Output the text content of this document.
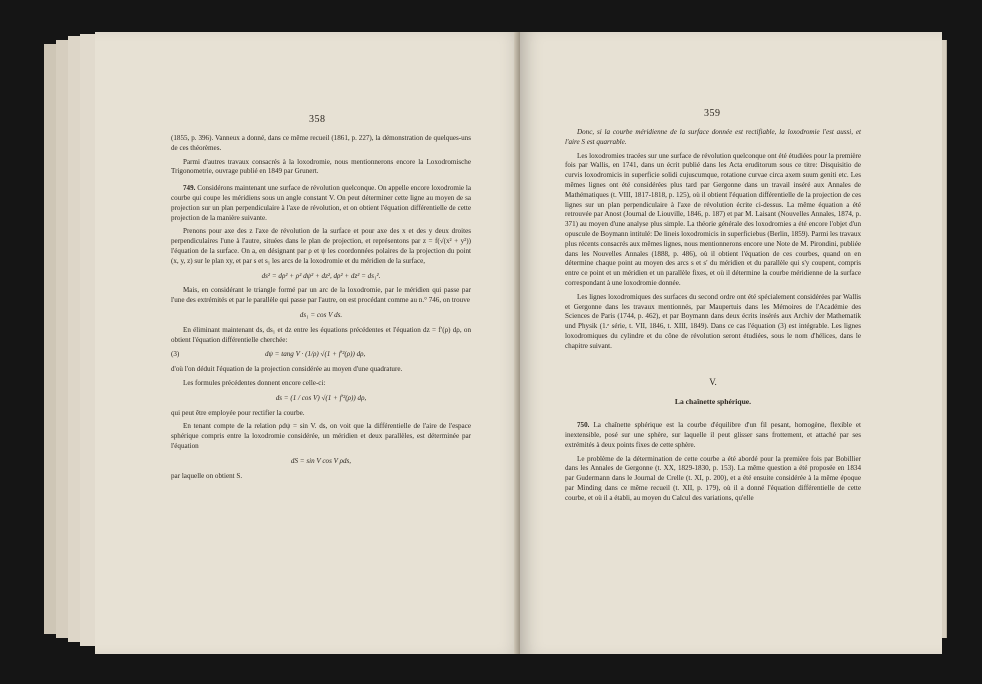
358

(1855, p. 396). Vanneux a donné, dans ce même recueil (1861, p. 227), la démonstration de quelques-uns de ces théorèmes.

Parmi d'autres travaux consacrés à la loxodromie, nous mentionnerons encore la Loxodromische Trigonometrie, ouvrage publié en 1849 par Grunert.

749. Considérons maintenant une surface de révolution quelconque. On appelle encore loxodromie la courbe qui coupe les méridiens sous un angle constant V. On peut déterminer cette ligne au moyen de sa projection sur un plan perpendiculaire à l'axe de révolution, et on obtient l'équation différentielle de cette projection de la manière suivante.

Prenons pour axe des z l'axe de révolution de la surface et pour axe des x et des y deux droites perpendiculaires l'une à l'autre, situées dans le plan de projection, et représentons par z = f(√(x² + y²)) l'équation de la surface. On a, en désignant par ρ et ψ les coordonnées polaires de la projection du point (x, y, z) sur le plan xy, et par s et s₁ les arcs de la loxodromie et du méridien de la surface,

ds² = dρ² + ρ² dψ² + dz², dρ² + dz² = ds₁².

Mais, en considérant le triangle formé par un arc de la loxodromie, par le méridien qui passe par l'une des extrémités et par le parallèle qui passe par l'autre, on est procédant comme au n.° 746, on trouve

ds₁ = cos V ds.

En éliminant maintenant ds, ds₁ et dz entre les équations précédentes et l'équation dz = f′(ρ) dρ, on obtient l'équation différentielle cherchée:

(3)	dψ = tang V · (1/ρ) √(1 + f′²(ρ)) dρ,

d'où l'on déduit l'équation de la projection considérée au moyen d'une quadrature.

Les formules précédentes donnent encore celle-ci:

ds = (1 / cos V) √(1 + f′²(ρ)) dρ,

qui peut être employée pour rectifier la courbe.

En tenant compte de la relation ρdψ = sin V. ds, on voit que la différentielle de l'aire de l'espace sphérique compris entre la loxodromie considérée, un méridien et deux parallèles, est déterminée par l'équation

dS = sin V cos V ρds,

par laquelle on obtient S.

359

Donc, si la courbe méridienne de la surface donnée est rectifiable, la loxodromie l'est aussi, et l'aire S est quarrable.

Les loxodromies tracées sur une surface de révolution quelconque ont été étudiées pour la première fois par Wallis, en 1741, dans un écrit publié dans les Acta eruditorum sous ce titre: Disquisitio de curvis loxodromicis in superficie solidi cujuscumque, rotatione curvae circa axem suum geniti etc. Les mêmes lignes ont été considérées plus tard par Gergonne dans un travail inséré aux Annales de Mathématiques (t. VIII, 1817-1818, p. 125), où il obtient l'équation différentielle de la projection de ces lignes sur un plan perpendiculaire à l'axe de révolution écrite ci-dessus. La même équation a été retrouvée par Anost (Journal de Liouville, 1846, p. 187) et par M. Laisant (Nouvelles Annales, 1874, p. 371) au moyen d'une analyse plus simple. La théorie générale des loxodromies a été encore l'objet d'un opuscule de Boymann intitulé: De lineis loxodromicis in superficiebus (Berlin, 1859). Parmi les travaux plus récents consacrés aux mêmes lignes, nous mentionnerons encore une Note de M. Pirondini, publiée dans les Nouvelles Annales (1888, p. 486), où il obtient l'équation de ces courbes, quand on en détermine chaque point au moyen des arcs s et s′ du méridien et du parallèle qui s'y coupent, compris entre ce point et un méridien et un parallèle fixes, et où il détermine la courbe méridienne de la surface correspondant à une loxodromie donnée.

Les lignes loxodromiques des surfaces du second ordre ont été spécialement considérées par Wallis et Gergonne dans les travaux mentionnés, par Maupertuis dans les Mémoires de l'Académie des Sciences de Paris (1744, p. 462), et par Boymann dans deux écrits insérés aux Archiv der Mathematik und Physik (1.ᵉ série, t. VII, 1846, t. XIII, 1849). Dans ce cas l'équation (3) est intégrable. Les lignes loxodromiques du cylindre et du cône de révolution seront étudiées, sous le nom d'hélices, dans le chapitre suivant.

V.
La chaînette sphérique.

750. La chaînette sphérique est la courbe d'équilibre d'un fil pesant, homogène, flexible et inextensible, posé sur une sphère, sur laquelle il peut glisser sans frottement, et attaché par ses extrémités à deux points fixes de cette sphère.

Le problème de la détermination de cette courbe a été abordé pour la première fois par Bobillier dans les Annales de Gergonne (t. XX, 1829-1830, p. 153). La même question a été proposée en 1834 par Gudermann dans le Journal de Crelle (t. XI, p. 200), et a été ensuite considérée à la même époque par Minding dans ce même recueil (t. XII, p. 179), où il a donné l'équation différentielle de cette courbe, et où il a établi, au moyen du Calcul des variations, qu'elle
